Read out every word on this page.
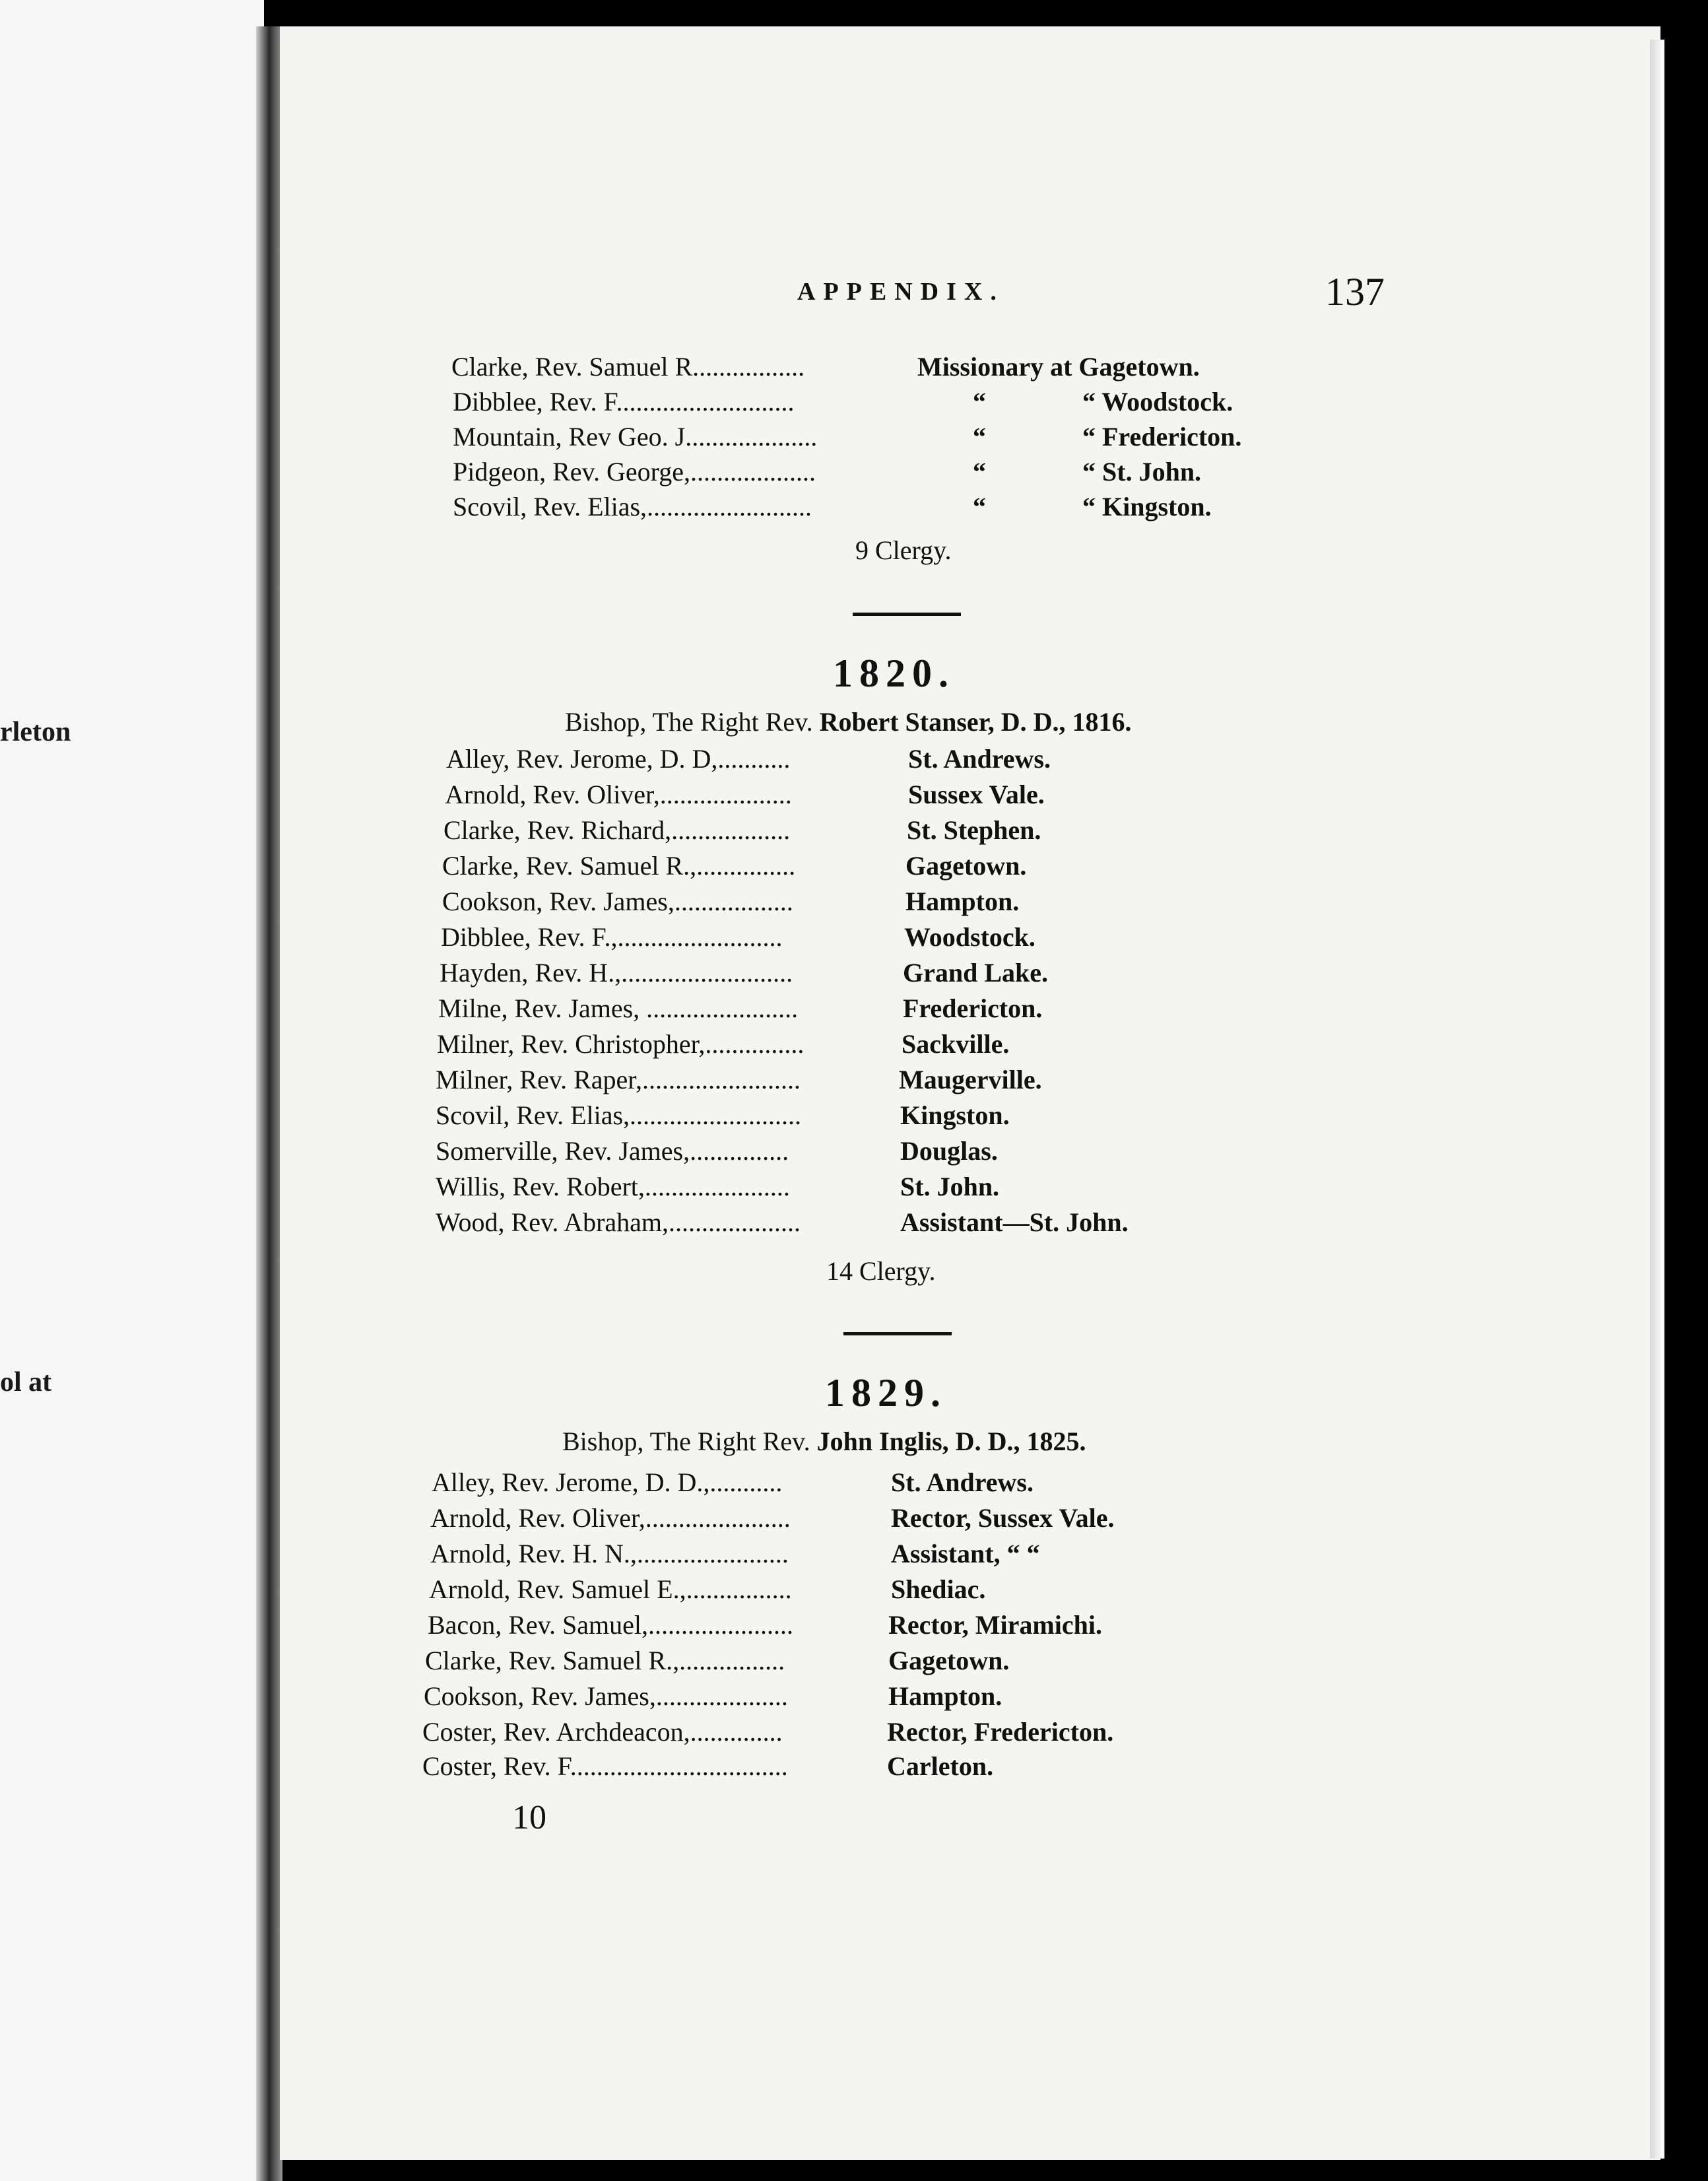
rleton
ol at
APPENDIX.	137
Clarke, Rev. Samuel R.................	Missionary at Gagetown.
Dibblee, Rev. F...........................	“	“ Woodstock.
Mountain, Rev Geo. J....................	“	“ Fredericton.
Pidgeon, Rev. George,...................	“	“ St. John.
Scovil, Rev. Elias,.........................	“	“ Kingston.
9 Clergy.
1820.
Bishop, The Right Rev. Robert Stanser, D. D., 1816.
Alley, Rev. Jerome, D. D,...........	St. Andrews.
Arnold, Rev. Oliver,....................	Sussex Vale.
Clarke, Rev. Richard,..................	St. Stephen.
Clarke, Rev. Samuel R.,...............	Gagetown.
Cookson, Rev. James,..................	Hampton.
Dibblee, Rev. F.,.........................	Woodstock.
Hayden, Rev. H.,..........................	Grand Lake.
Milne, Rev. James, .......................	Fredericton.
Milner, Rev. Christopher,...............	Sackville.
Milner, Rev. Raper,........................	Maugerville.
Scovil, Rev. Elias,..........................	Kingston.
Somerville, Rev. James,...............	Douglas.
Willis, Rev. Robert,......................	St. John.
Wood, Rev. Abraham,....................	Assistant—St. John.
14 Clergy.
1829.
Bishop, The Right Rev. John Inglis, D. D., 1825.
Alley, Rev. Jerome, D. D.,...........	St. Andrews.
Arnold, Rev. Oliver,......................	Rector, Sussex Vale.
Arnold, Rev. H. N.,.......................	Assistant, “ “
Arnold, Rev. Samuel E.,................	Shediac.
Bacon, Rev. Samuel,......................	Rector, Miramichi.
Clarke, Rev. Samuel R.,................	Gagetown.
Cookson, Rev. James,....................	Hampton.
Coster, Rev. Archdeacon,..............	Rector, Fredericton.
Coster, Rev. F.................................	Carleton.
10
